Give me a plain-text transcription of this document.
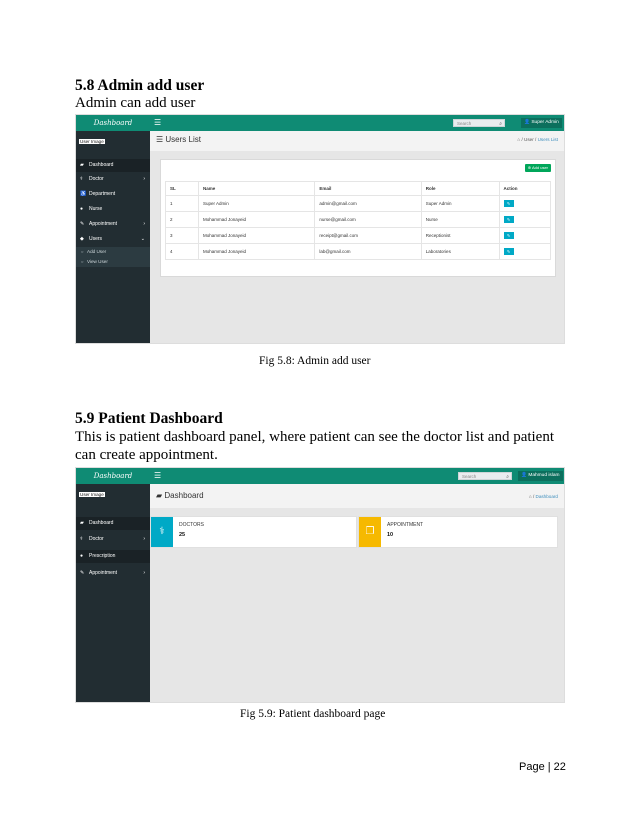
5.8 Admin add user
Admin can add user
Dashboard	☰	Search	⌕	👤 Super Admin
User Image
▰ Dashboard
⚕ Doctor	›
♿ Department
● Nurse
✎ Appointment	›
◆ Users	⌄
○ Add User
○ View User
☰ Users List	⌂ / User / Users List
⊕ Add user
SL	Name	Email	Role	Action
1	Super Admin	admin@gmail.com	Super Admin	✎
2	Mohammad Jonayeid	nurse@gmail.com	Nurse	✎
3	Mohammad Jonayeid	receipt@gmail.com	Receptionist	✎
4	Mohammad Jonayeid	lab@gmail.com	Laboratories	✎
Fig 5.8: Admin add user
5.9 Patient Dashboard
This is patient dashboard panel, where patient can see the doctor list and patient can create appointment.
Dashboard	☰	Search	⌕	👤 Mahmud islam
User Image
▰ Dashboard
⚕ Doctor	›
● Prescription
✎ Appointment	›
▰ Dashboard	⌂ / Dashboard
⚕
DOCTORS
25	❐
APPOINTMENT
10
Fig 5.9: Patient dashboard page
Page | 22
